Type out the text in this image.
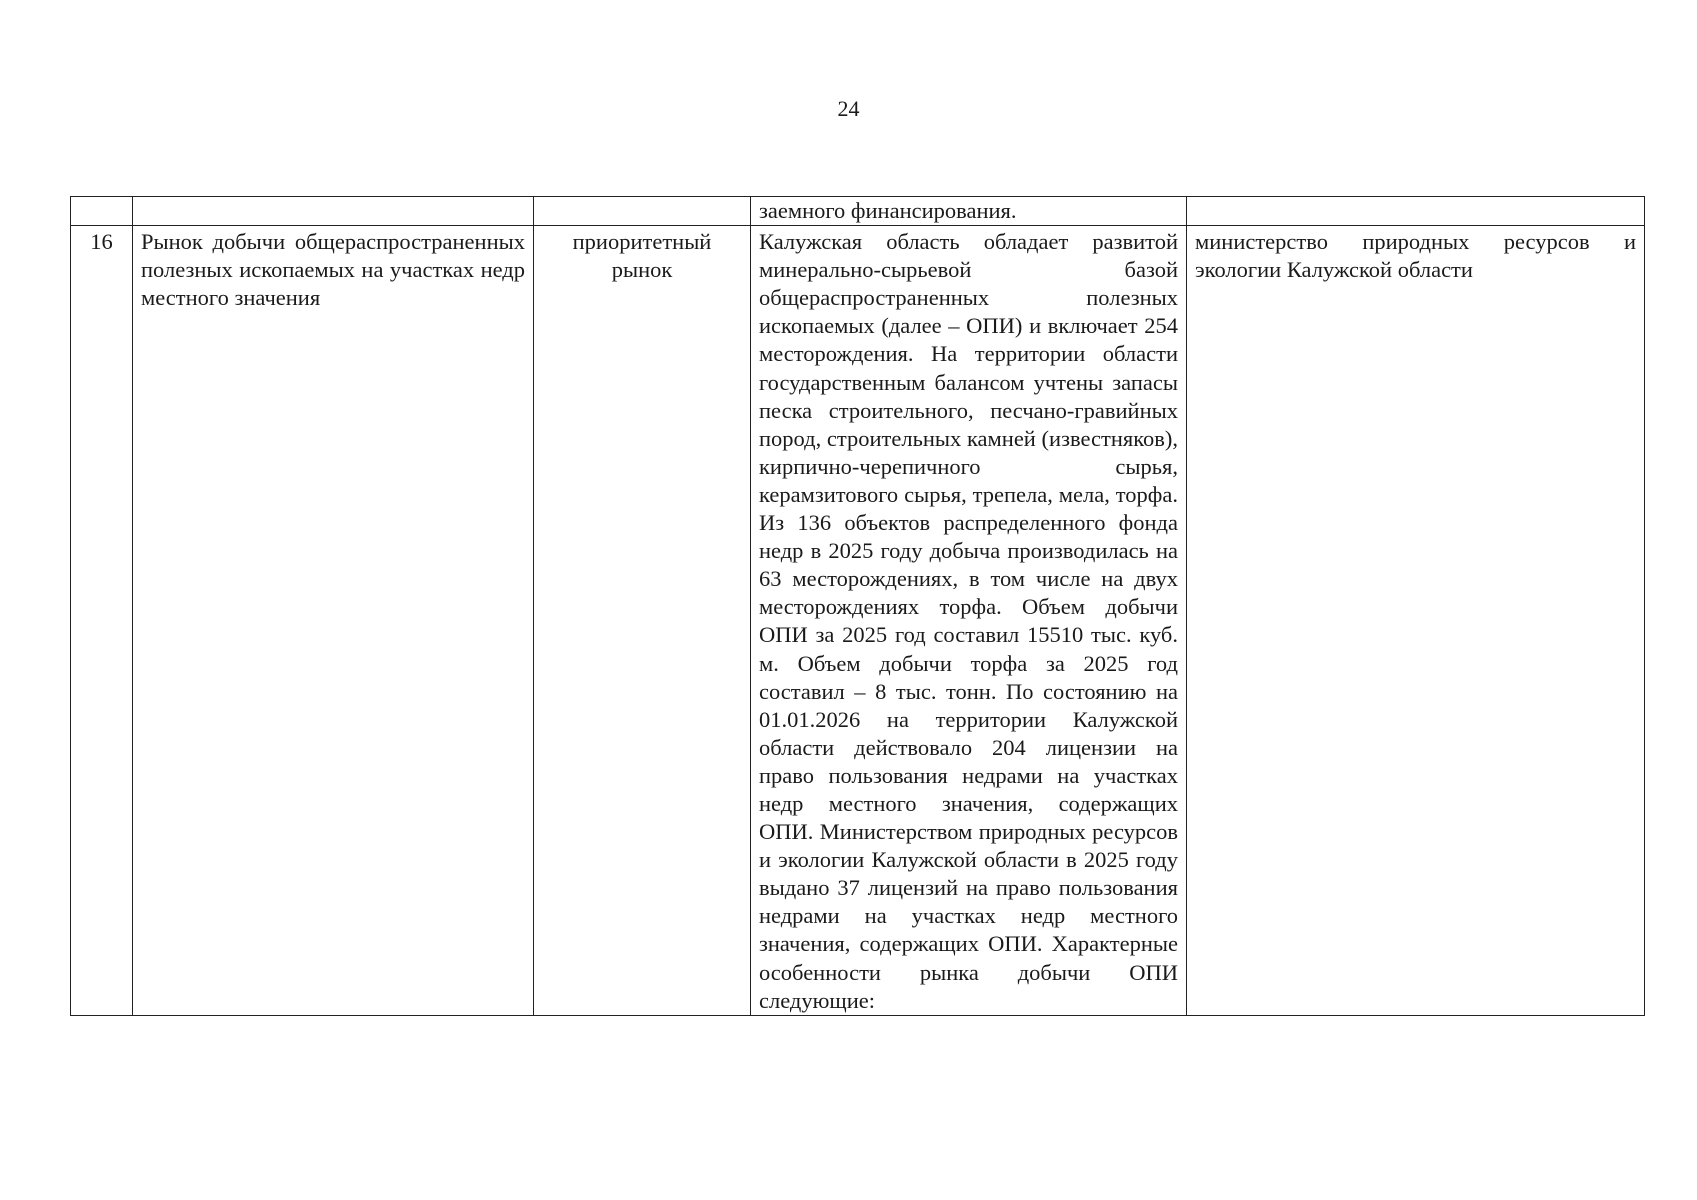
24
			заемного финансирования.	
16	Рынок добычи общераспространенных полезных ископаемых на участках недр местного значения	приоритетный рынок	Калужская область обладает развитой минерально-сырьевой базой общераспространенных полезных ископаемых (далее – ОПИ) и включает 254 месторождения. На территории области государственным балансом учтены запасы песка строительного, песчано-гравийных пород, строительных камней (известняков), кирпично-черепичного сырья, керамзитового сырья, трепела, мела, торфа. Из 136 объектов распределенного фонда недр в 2025 году добыча производилась на 63 месторождениях, в том числе на двух месторождениях торфа. Объем добычи ОПИ за 2025 год составил 15510 тыс. куб. м. Объем добычи торфа за 2025 год составил – 8 тыс. тонн. По состоянию на 01.01.2026 на территории Калужской области действовало 204 лицензии на право пользования недрами на участках недр местного значения, содержащих ОПИ. Министерством природных ресурсов и экологии Калужской области в 2025 году выдано 37 лицензий на право пользования недрами на участках недр местного значения, содержащих ОПИ. Характерные особенности рынка добычи ОПИ следующие:	министерство природных ресурсов и экологии Калужской области
